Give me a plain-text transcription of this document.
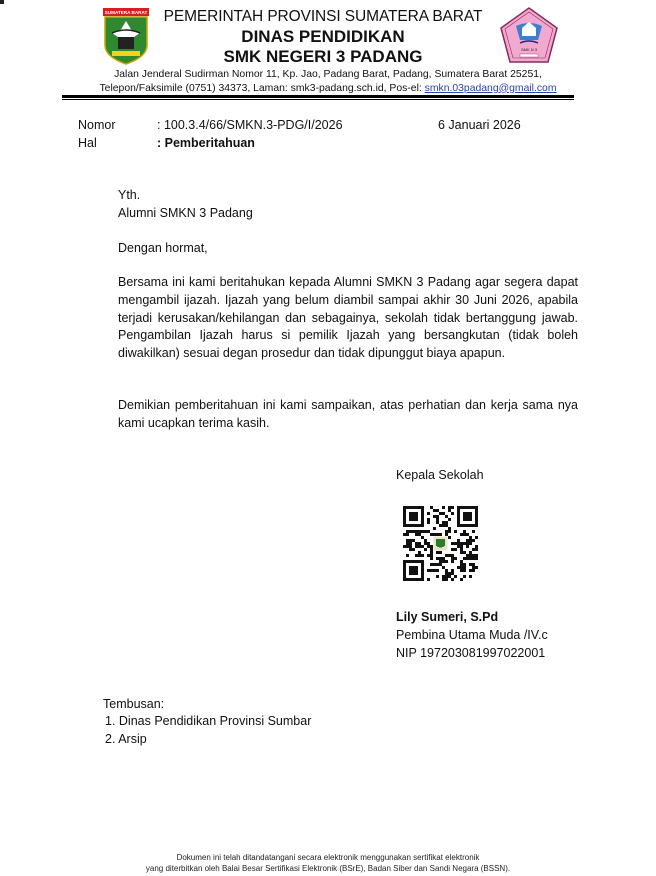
SUMATERA BARAT	PEMERINTAH PROVINSI SUMATERA BARAT
DINAS PENDIDIKAN
SMK NEGERI 3 PADANG	SMK N 3
Jalan Jenderal Sudirman Nomor 11, Kp. Jao, Padang Barat, Padang, Sumatera Barat 25251,
Telepon/Faksimile (0751) 34373, Laman: smk3-padang.sch.id, Pos-el: smkn.03padang@gmail.com
Nomor	: 100.3.4/66/SMKN.3-PDG/I/2026	6 Januari 2026
Hal	: Pemberitahuan
Yth.
Alumni SMKN 3 Padang
Dengan hormat,
Bersama ini kami beritahukan kepada Alumni SMKN 3 Padang agar segera dapat mengambil ijazah. Ijazah yang belum diambil sampai akhir 30 Juni 2026, apabila terjadi kerusakan/kehilangan dan sebagainya, sekolah tidak bertanggung jawab. Pengambilan Ijazah harus si pemilik Ijazah yang bersangkutan (tidak boleh diwakilkan) sesuai degan prosedur dan tidak dipunggut biaya apapun.
Demikian pemberitahuan ini kami sampaikan, atas perhatian dan kerja sama nya kami ucapkan terima kasih.
Kepala Sekolah
Lily Sumeri, S.Pd
Pembina Utama Muda /IV.c
NIP 197203081997022001
Tembusan:
1. Dinas Pendidikan Provinsi Sumbar
2. Arsip
Dokumen ini telah ditandatangani secara elektronik menggunakan sertifikat elektronik
yang diterbitkan oleh Balai Besar Sertifikasi Elektronik (BSrE), Badan Siber dan Sandi Negara (BSSN).
